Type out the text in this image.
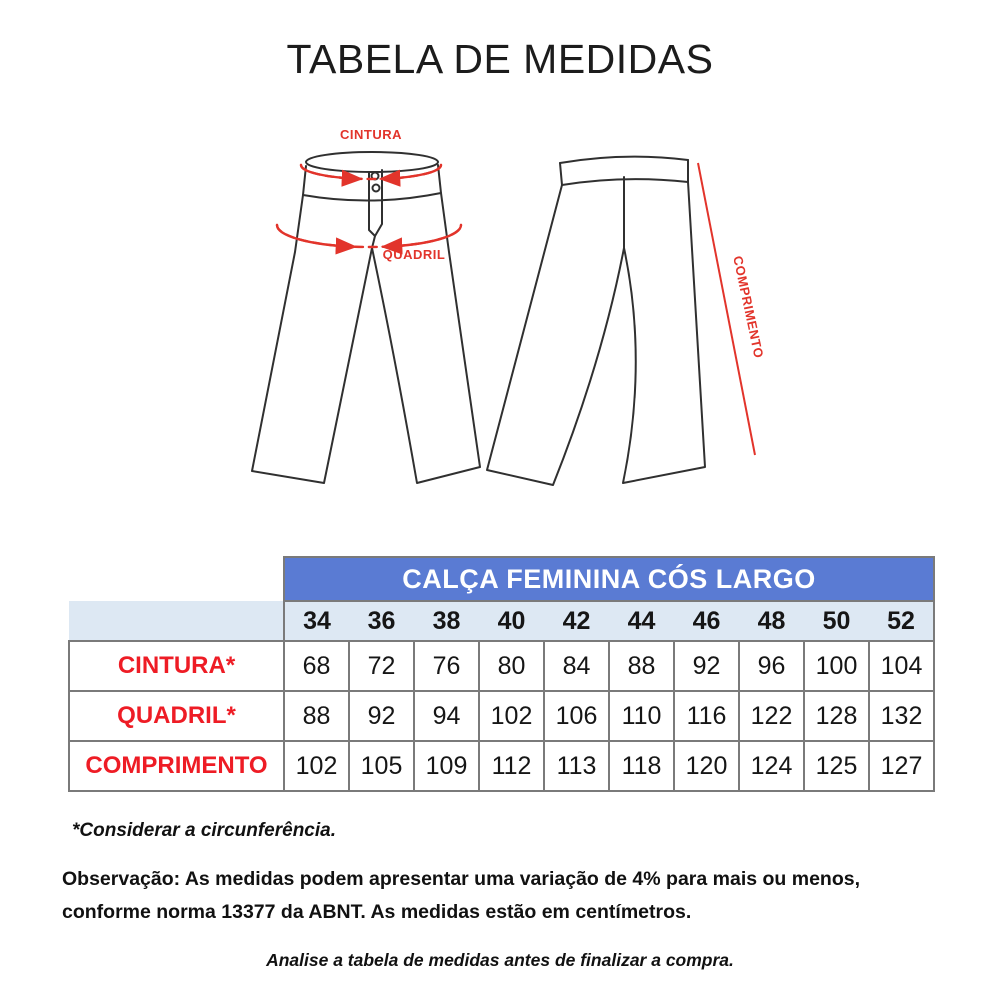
TABELA DE MEDIDAS
CINTURA
QUADRIL
COMPRIMENTO
	CALÇA FEMININA CÓS LARGO									
	34	36	38	40	42	44	46	48	50	52
CINTURA*	68	72	76	80	84	88	92	96	100	104
QUADRIL*	88	92	94	102	106	110	116	122	128	132
COMPRIMENTO	102	105	109	112	113	118	120	124	125	127
*Considerar a circunferência.
Observação: As medidas podem apresentar uma variação de 4% para mais ou menos,
conforme norma 13377 da ABNT. As medidas estão em centímetros.
Analise a tabela de medidas antes de finalizar a compra.
